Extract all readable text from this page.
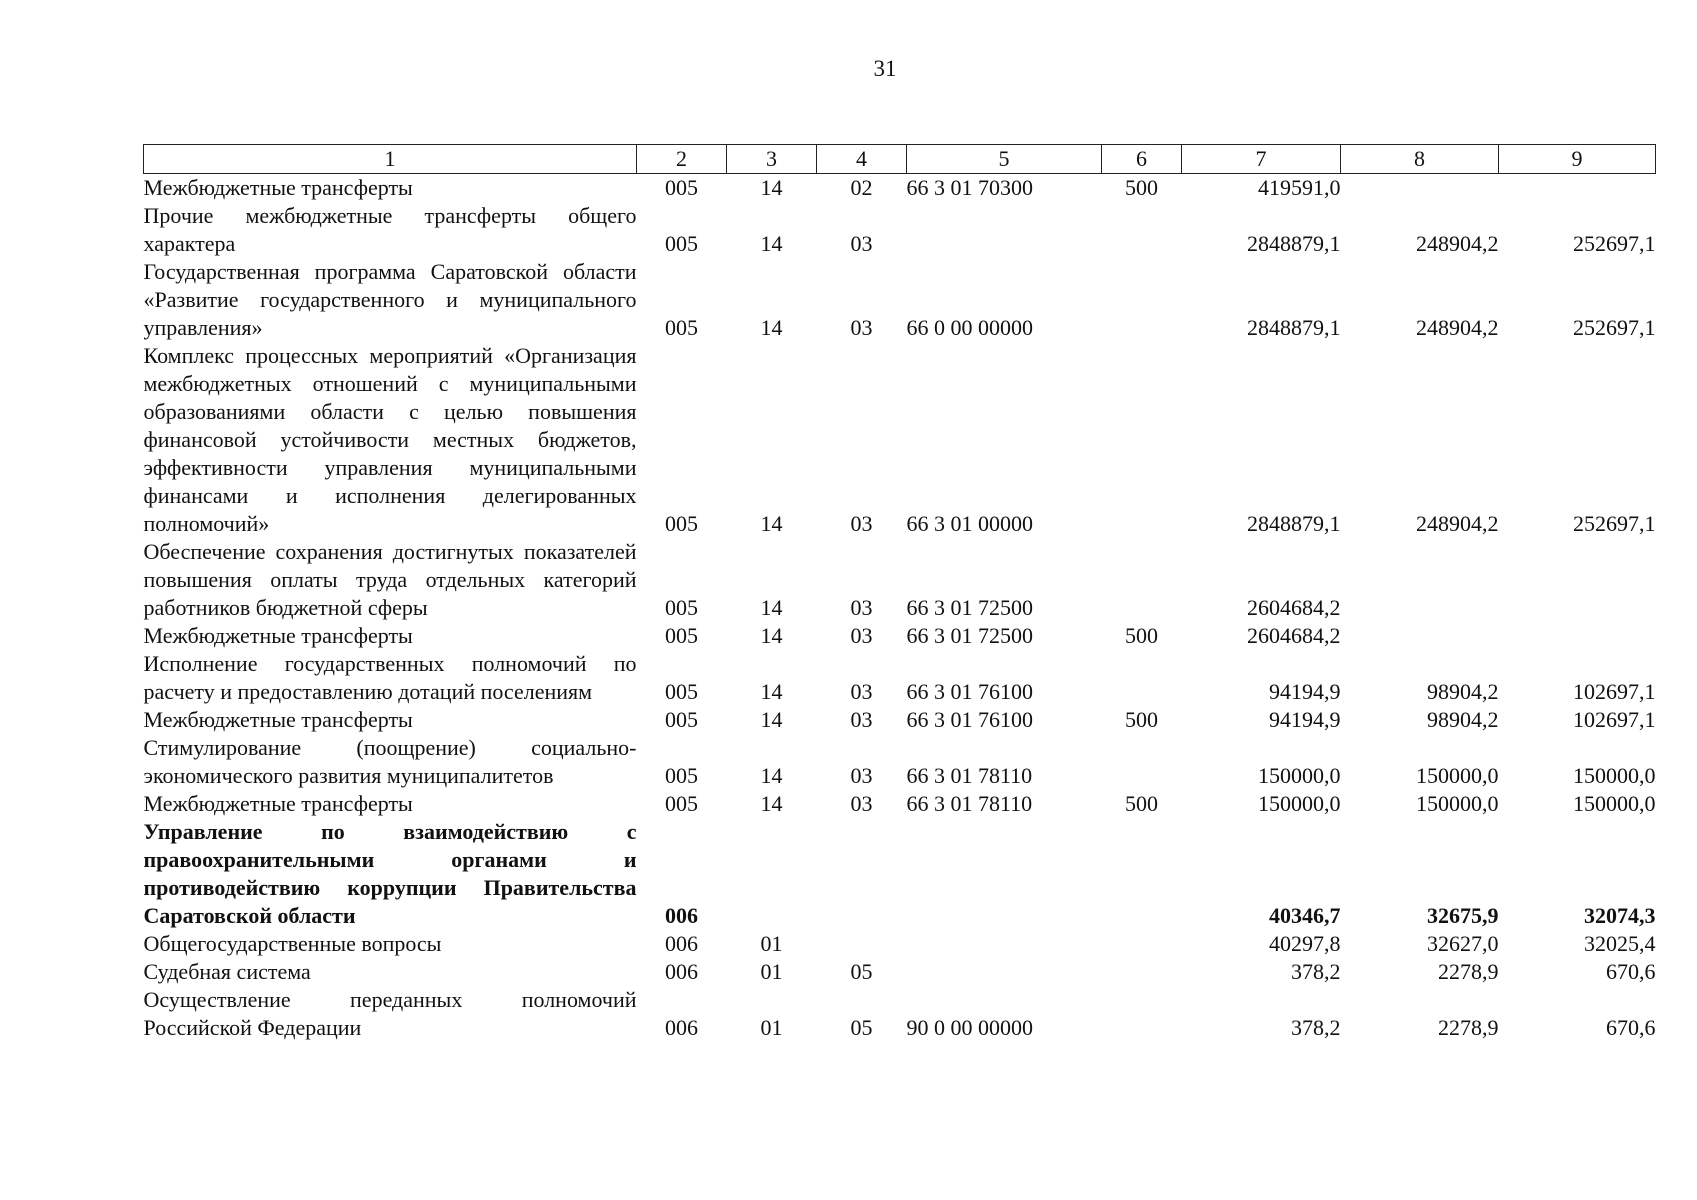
31
1	2	3	4	5	6	7	8	9
Межбюджетные трансферты	005	14	02	66 3 01 70300	500	419591,0		
Прочие межбюджетные трансферты общего характера	005	14	03			2848879,1	248904,2	252697,1
Государственная программа Саратовской области «Развитие государственного и муниципального управления»	005	14	03	66 0 00 00000		2848879,1	248904,2	252697,1
Комплекс процессных мероприятий «Организация межбюджетных отношений с муниципальными образованиями области с целью повышения финансовой устойчивости местных бюджетов, эффективности управления муниципальными финансами и исполнения делегированных полномочий»	005	14	03	66 3 01 00000		2848879,1	248904,2	252697,1
Обеспечение сохранения достигнутых показателей повышения оплаты труда отдельных категорий работников бюджетной сферы	005	14	03	66 3 01 72500		2604684,2		
Межбюджетные трансферты	005	14	03	66 3 01 72500	500	2604684,2		
Исполнение государственных полномочий по расчету и предоставлению дотаций поселениям	005	14	03	66 3 01 76100		94194,9	98904,2	102697,1
Межбюджетные трансферты	005	14	03	66 3 01 76100	500	94194,9	98904,2	102697,1
Стимулирование (поощрение) социально-экономического развития муниципалитетов	005	14	03	66 3 01 78110		150000,0	150000,0	150000,0
Межбюджетные трансферты	005	14	03	66 3 01 78110	500	150000,0	150000,0	150000,0
Управление по взаимодействию с правоохранительными органами и противодействию коррупции Правительства Саратовской области	006					40346,7	32675,9	32074,3
Общегосударственные вопросы	006	01				40297,8	32627,0	32025,4
Судебная система	006	01	05			378,2	2278,9	670,6
Осуществление переданных полномочий Российской Федерации	006	01	05	90 0 00 00000		378,2	2278,9	670,6
